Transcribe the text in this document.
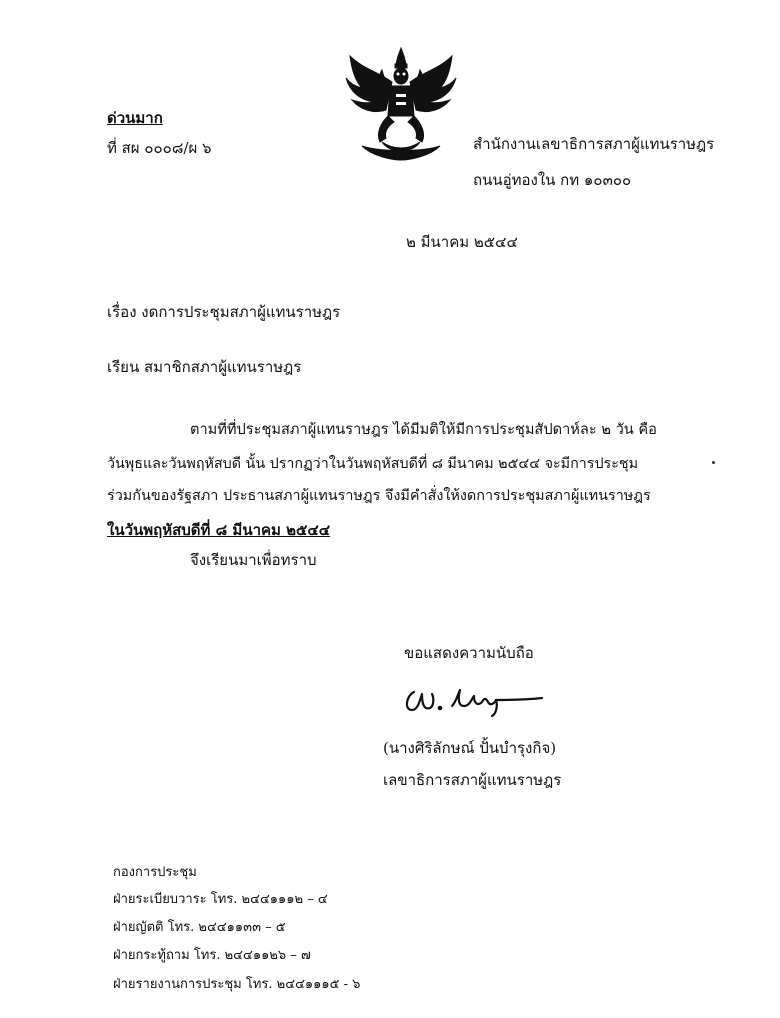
ด่วนมาก
ที่ สผ ๐๐๐๘/ผ ๖	สำนักงานเลขาธิการสภาผู้แทนราษฎร
ถนนอู่ทองใน กท ๑๐๓๐๐
๒ มีนาคม ๒๕๔๔
เรื่อง งดการประชุมสภาผู้แทนราษฎร
เรียน สมาชิกสภาผู้แทนราษฎร
ตามที่ที่ประชุมสภาผู้แทนราษฎร ได้มีมติให้มีการประชุมสัปดาห์ละ ๒ วัน คือ
วันพุธและวันพฤหัสบดี นั้น ปรากฏว่าในวันพฤหัสบดีที่ ๘ มีนาคม ๒๕๔๔ จะมีการประชุม
ร่วมกันของรัฐสภา ประธานสภาผู้แทนราษฎร จึงมีคำสั่งให้งดการประชุมสภาผู้แทนราษฎร
ในวันพฤหัสบดีที่ ๘ มีนาคม ๒๕๔๔
จึงเรียนมาเพื่อทราบ
ขอแสดงความนับถือ
(นางศิริลักษณ์ ปั้นบำรุงกิจ)
เลขาธิการสภาผู้แทนราษฎร
กองการประชุม
ฝ่ายระเบียบวาระ โทร. ๒๔๔๑๑๑๒ – ๔
ฝ่ายญัตติ โทร. ๒๔๔๑๑๓๓ – ๕
ฝ่ายกระทู้ถาม โทร. ๒๔๔๑๑๒๖ – ๗
ฝ่ายรายงานการประชุม โทร. ๒๔๔๑๑๑๕ - ๖
